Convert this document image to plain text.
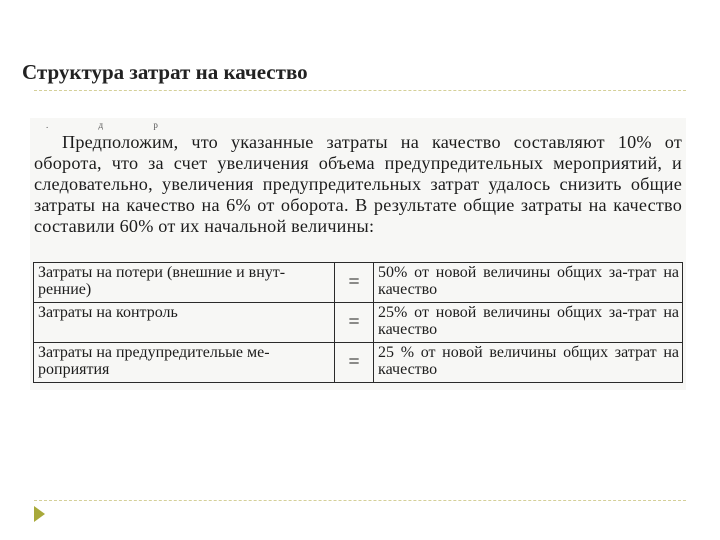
Структура затрат на качество
. д р
Предположим, что указанные затраты на качество составляют 10% от оборота, что за счет увеличения объема предупредительных мероприятий, и следовательно, увеличения предупредительных затрат удалось снизить общие затраты на качество на 6% от оборота. В результате общие затраты на качество составили 60% от их начальной величины:
Затраты на потери (внешние и внут-ренние)	=	50% от новой величины общих за-трат на качество
Затраты на контроль	=	25% от новой величины общих за-трат на качество
Затраты на предупредительые ме-роприятия	=	25 % от новой величины общих затрат на качество
